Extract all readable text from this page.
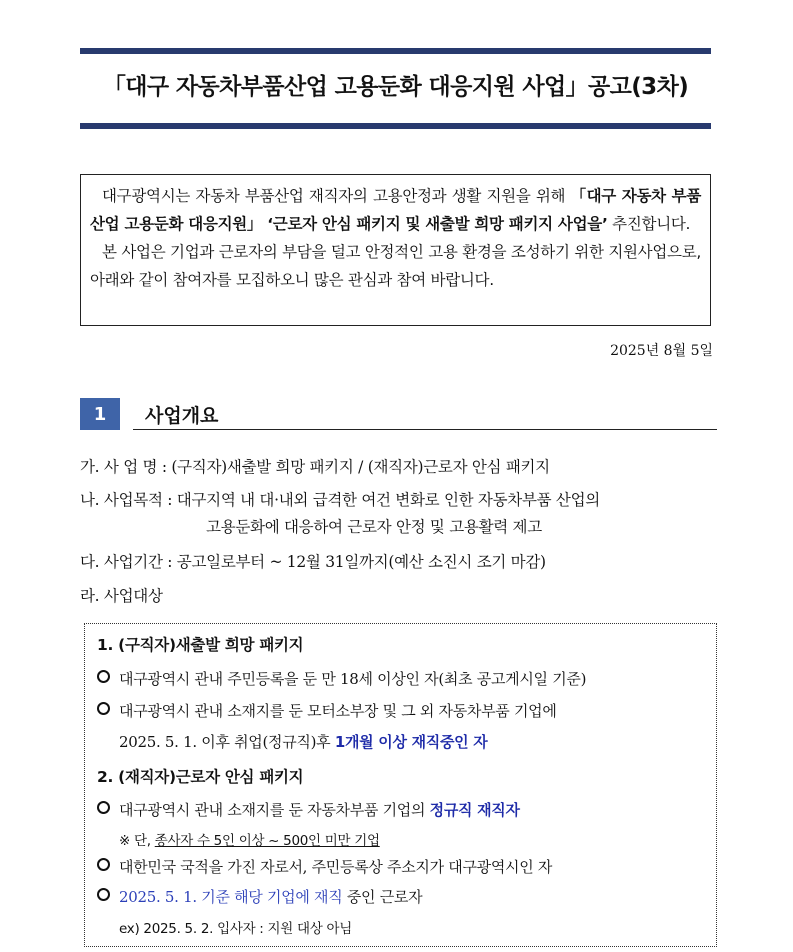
「대구 자동차부품산업 고용둔화 대응지원 사업」공고(3차)

대구광역시는 자동차 부품산업 재직자의 고용안정과 생활 지원을 위해 「대구 자동차 부품 산업 고용둔화 대응지원」 ‘근로자 안심 패키지 및 새출발 희망 패키지 사업을’ 추진합니다.

본 사업은 기업과 근로자의 부담을 덜고 안정적인 고용 환경을 조성하기 위한 지원사업으로, 아래와 같이 참여자를 모집하오니 많은 관심과 참여 바랍니다.

2025년 8월 5일
1	사업개요
가. 사 업 명 : (구직자)새출발 희망 패키지 / (재직자)근로자 안심 패키지
나. 사업목적 : 대구지역 내 대·내외 급격한 여건 변화로 인한 자동차부품 산업의
고용둔화에 대응하여 근로자 안정 및 고용활력 제고
다. 사업기간 : 공고일로부터 ~ 12월 31일까지(예산 소진시 조기 마감)
라. 사업대상
1. (구직자)새출발 희망 패키지
대구광역시 관내 주민등록을 둔 만 18세 이상인 자(최초 공고게시일 기준)
대구광역시 관내 소재지를 둔 모터소부장 및 그 외 자동차부품 기업에
2025. 5. 1. 이후 취업(정규직)후 1개월 이상 재직중인 자
2. (재직자)근로자 안심 패키지
대구광역시 관내 소재지를 둔 자동차부품 기업의 정규직 재직자
※ 단, 종사자 수 5인 이상 ~ 500인 미만 기업
대한민국 국적을 가진 자로서, 주민등록상 주소지가 대구광역시인 자
2025. 5. 1. 기준 해당 기업에 재직 중인 근로자
ex) 2025. 5. 2. 입사자 : 지원 대상 아님
